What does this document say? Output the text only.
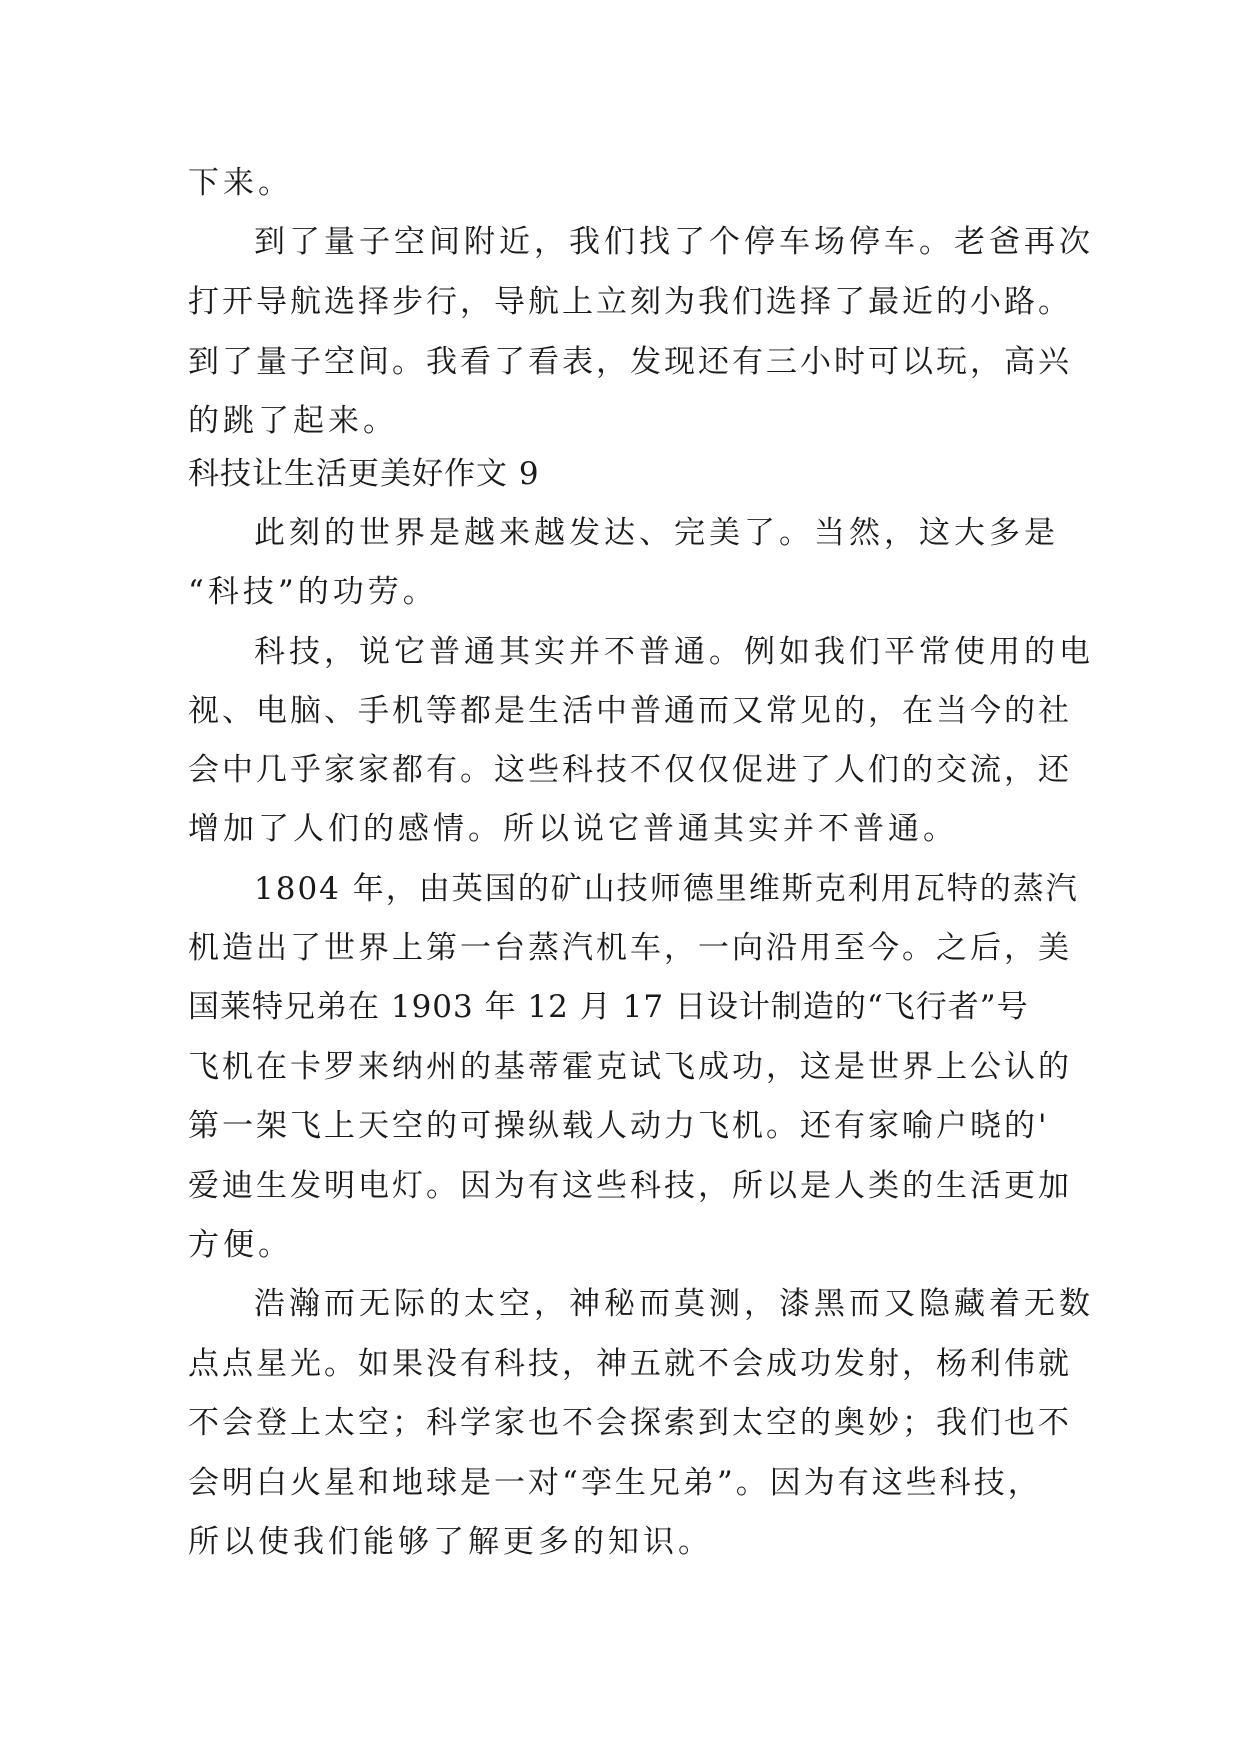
下来。
到了量子空间附近，我们找了个停车场停车。老爸再次
打开导航选择步行，导航上立刻为我们选择了最近的小路。
到了量子空间。我看了看表，发现还有三小时可以玩，高兴
的跳了起来。
科技让生活更美好作文 9
此刻的世界是越来越发达、完美了。当然，这大多是
“科技”的功劳。
科技，说它普通其实并不普通。例如我们平常使用的电
视、电脑、手机等都是生活中普通而又常见的，在当今的社
会中几乎家家都有。这些科技不仅仅促进了人们的交流，还
增加了人们的感情。所以说它普通其实并不普通。
1804 年，由英国的矿山技师德里维斯克利用瓦特的蒸汽
机造出了世界上第一台蒸汽机车，一向沿用至今。之后，美
国莱特兄弟在 1903 年 12 月 17 日设计制造的“飞行者”号
飞机在卡罗来纳州的基蒂霍克试飞成功，这是世界上公认的
第一架飞上天空的可操纵载人动力飞机。还有家喻户晓的'
爱迪生发明电灯。因为有这些科技，所以是人类的生活更加
方便。
浩瀚而无际的太空，神秘而莫测，漆黑而又隐藏着无数
点点星光。如果没有科技，神五就不会成功发射，杨利伟就
不会登上太空；科学家也不会探索到太空的奥妙；我们也不
会明白火星和地球是一对“孪生兄弟”。因为有这些科技，
所以使我们能够了解更多的知识。
